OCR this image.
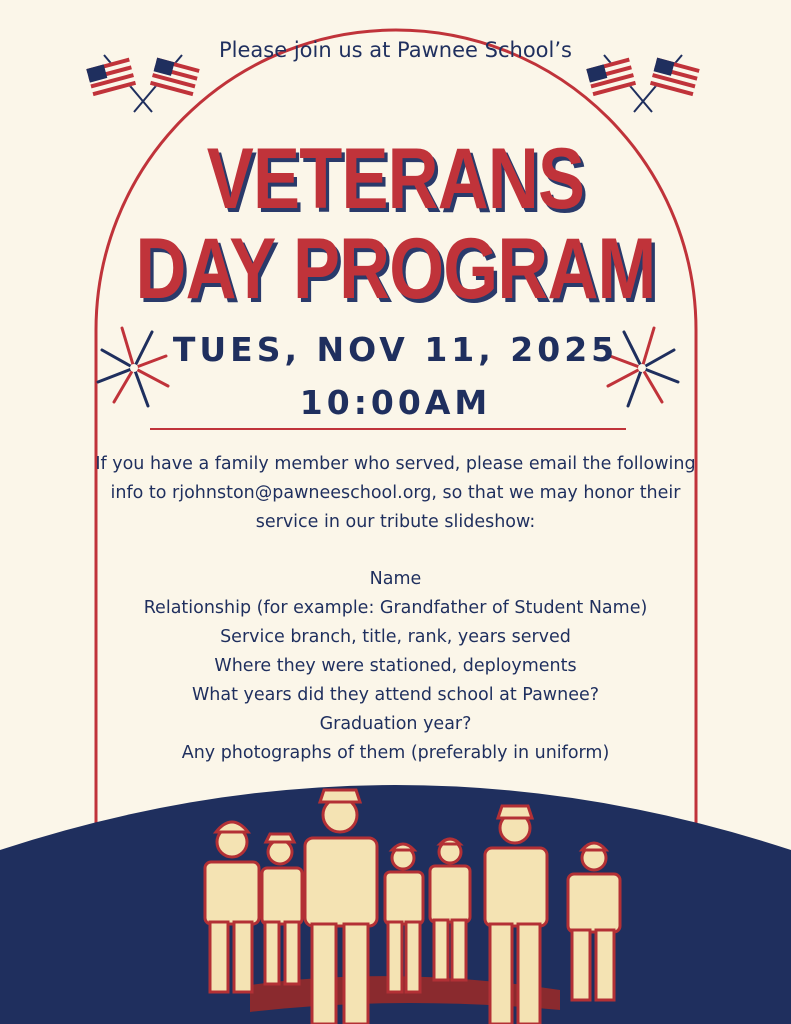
Please join us at Pawnee School’s
VETERANS
DAY PROGRAM
TUES, NOV 11, 2025
10:00AM
If you have a family member who served, please email the following info to rjohnston@pawneeschool.org, so that we may honor their service in our tribute slideshow:
Name
Relationship (for example: Grandfather of Student Name)
Service branch, title, rank, years served
Where they were stationed, deployments
What years did they attend school at Pawnee?
Graduation year?
Any photographs of them (preferably in uniform)
